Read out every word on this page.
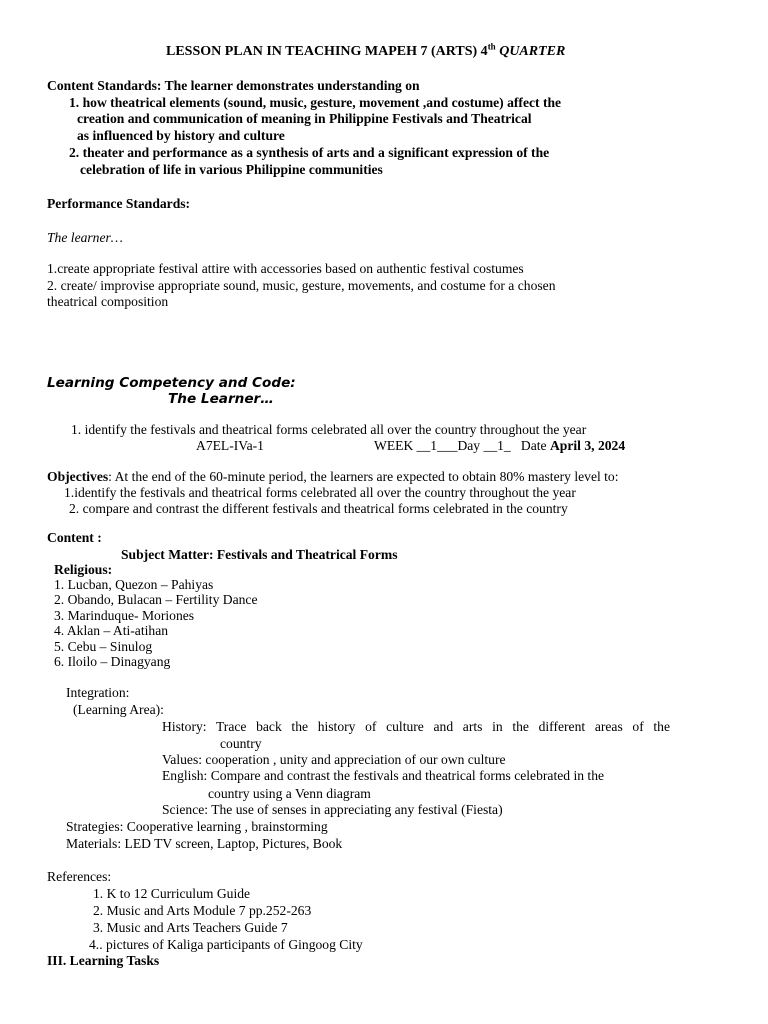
LESSON PLAN IN TEACHING MAPEH 7 (ARTS) 4th QUARTER
Content Standards: The learner demonstrates understanding on
1. how theatrical elements (sound, music, gesture, movement ,and costume) affect the
creation and communication of meaning in Philippine Festivals and Theatrical
as influenced by history and culture
2. theater and performance as a synthesis of arts and a significant expression of the
celebration of life in various Philippine communities
Performance Standards:
The learner…
1.create appropriate festival attire with accessories based on authentic festival costumes
2. create/ improvise appropriate sound, music, gesture, movements, and costume for a chosen
theatrical composition
Learning Competency and Code:
The Learner…
1. identify the festivals and theatrical forms celebrated all over the country throughout the year
A7EL-IVa-1	WEEK __1___Day __1_ Date April 3, 2024
Objectives: At the end of the 60-minute period, the learners are expected to obtain 80% mastery level to:
1.identify the festivals and theatrical forms celebrated all over the country throughout the year
2. compare and contrast the different festivals and theatrical forms celebrated in the country
Content :
Subject Matter: Festivals and Theatrical Forms
Religious:
1. Lucban, Quezon – Pahiyas
2. Obando, Bulacan – Fertility Dance
3. Marinduque- Moriones
4. Aklan – Ati-atihan
5. Cebu – Sinulog
6. Iloilo – Dinagyang
Integration:
(Learning Area):
History: Trace back the history of culture and arts in the different areas of the
country
Values: cooperation , unity and appreciation of our own culture
English: Compare and contrast the festivals and theatrical forms celebrated in the
country using a Venn diagram
Science: The use of senses in appreciating any festival (Fiesta)
Strategies: Cooperative learning , brainstorming
Materials: LED TV screen, Laptop, Pictures, Book
References:
1. K to 12 Curriculum Guide
2. Music and Arts Module 7 pp.252-263
3. Music and Arts Teachers Guide 7
4.. pictures of Kaliga participants of Gingoog City
III. Learning Tasks
